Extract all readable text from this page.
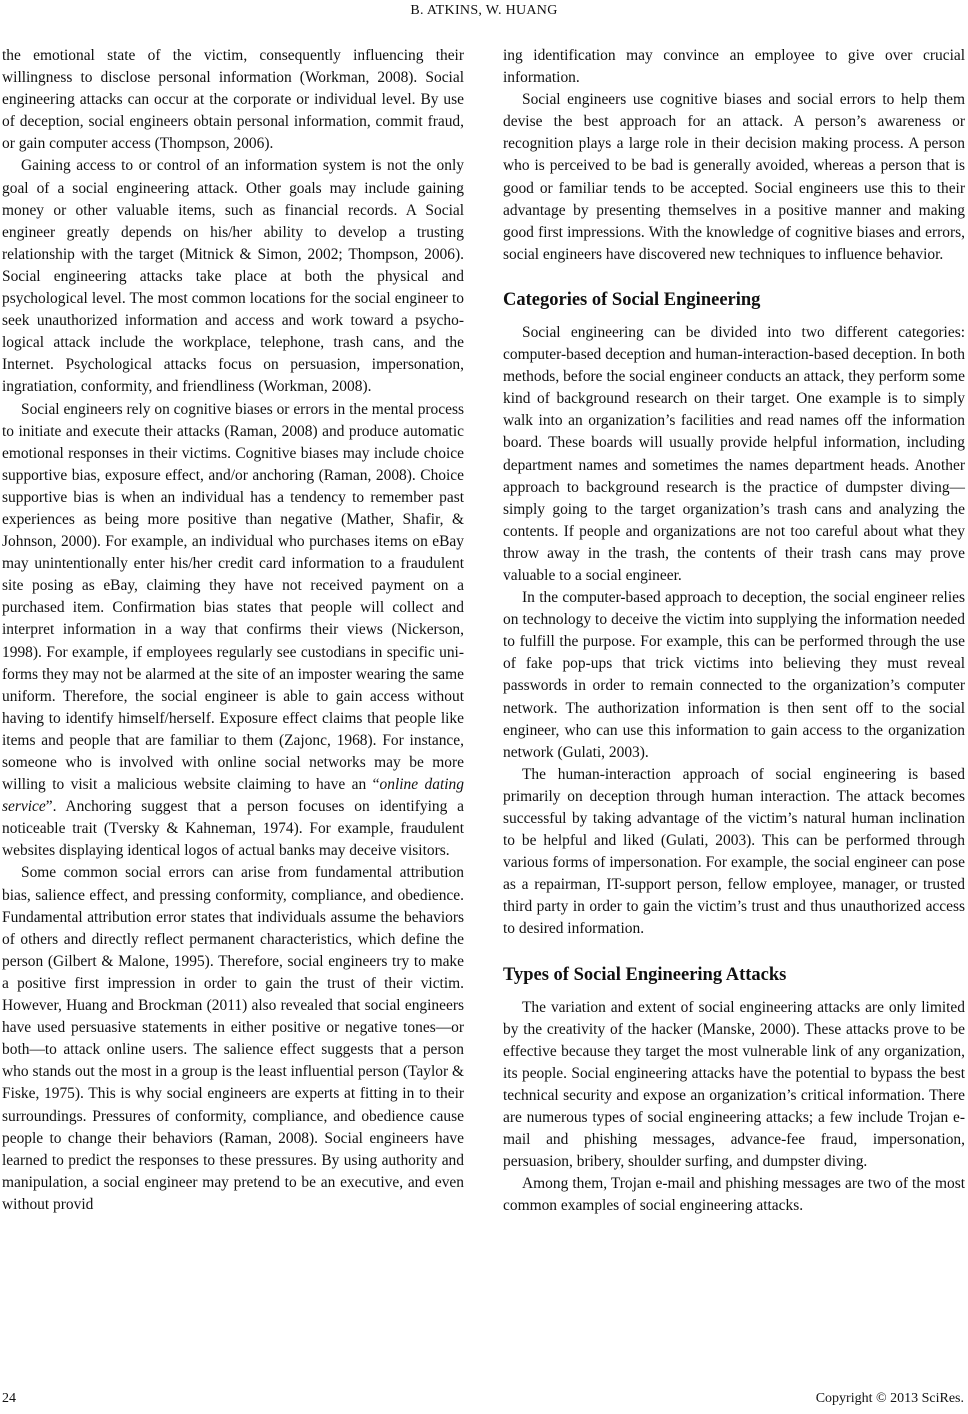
B. ATKINS, W. HUANG

the emotional state of the victim, consequently influencing their willingness to disclose personal information (Workman, 2008). Social engineering attacks can occur at the corporate or individual level. By use of deception, social engineers obtain personal information, commit fraud, or gain computer access (Thompson, 2006).

Gaining access to or control of an information system is not the only goal of a social engineering attack. Other goals may include gaining money or other valuable items, such as financial records. A Social engineer greatly depends on his/her ability to develop a trusting relationship with the target (Mitnick & Simon, 2002; Thompson, 2006). Social engineering attacks take place at both the physical and psychological level. The most common locations for the social engineer to seek unauthorized information and access and work toward a psychological attack include the workplace, telephone, trash cans, and the Internet. Psychological attacks focus on persuasion, impersonation, ingratiation, conformity, and friendliness (Workman, 2008).

Social engineers rely on cognitive biases or errors in the mental process to initiate and execute their attacks (Raman, 2008) and produce automatic emotional responses in their victims. Cognitive biases may include choice supportive bias, exposure effect, and/or anchoring (Raman, 2008). Choice supportive bias is when an individual has a tendency to remember past experiences as being more positive than negative (Mather, Shafir, & Johnson, 2000). For example, an individual who purchases items on eBay may unintentionally enter his/her credit card information to a fraudulent site posing as eBay, claiming they have not received payment on a purchased item. Confirmation bias states that people will collect and interpret information in a way that confirms their views (Nickerson, 1998). For example, if employees regularly see custodians in specific uniforms they may not be alarmed at the site of an imposter wearing the same uniform. Therefore, the social engineer is able to gain access without having to identify himself/herself. Exposure effect claims that people like items and people that are familiar to them (Zajonc, 1968). For instance, someone who is involved with online social networks may be more willing to visit a malicious website claiming to have an “online dating service”. Anchoring suggest that a person focuses on identifying a noticeable trait (Tversky & Kahneman, 1974). For example, fraudulent websites displaying identical logos of actual banks may deceive visitors.

Some common social errors can arise from fundamental attribution bias, salience effect, and pressing conformity, compliance, and obedience. Fundamental attribution error states that individuals assume the behaviors of others and directly reflect permanent characteristics, which define the person (Gilbert & Malone, 1995). Therefore, social engineers try to make a positive first impression in order to gain the trust of their victim. However, Huang and Brockman (2011) also revealed that social engineers have used persuasive statements in either positive or negative tones—or both—to attack online users. The salience effect suggests that a person who stands out the most in a group is the least influential person (Taylor & Fiske, 1975). This is why social engineers are experts at fitting in to their surroundings. Pressures of conformity, compliance, and obedience cause people to change their behaviors (Raman, 2008). Social engineers have learned to predict the responses to these pressures. By using authority and manipulation, a social engineer may pretend to be an executive, and even without provid

ing identification may convince an employee to give over crucial information.

Social engineers use cognitive biases and social errors to help them devise the best approach for an attack. A person’s awareness or recognition plays a large role in their decision making process. A person who is perceived to be bad is generally avoided, whereas a person that is good or familiar tends to be accepted. Social engineers use this to their advantage by presenting themselves in a positive manner and making good first impressions. With the knowledge of cognitive biases and errors, social engineers have discovered new techniques to influence behavior.

Categories of Social Engineering

Social engineering can be divided into two different categories: computer-based deception and human-interaction-based deception. In both methods, before the social engineer conducts an attack, they perform some kind of background research on their target. One example is to simply walk into an organization’s facilities and read names off the information board. These boards will usually provide helpful information, including department names and sometimes the names department heads. Another approach to background research is the practice of dumpster diving—simply going to the target organization’s trash cans and analyzing the contents. If people and organizations are not too careful about what they throw away in the trash, the contents of their trash cans may prove valuable to a social engineer.

In the computer-based approach to deception, the social engineer relies on technology to deceive the victim into supplying the information needed to fulfill the purpose. For example, this can be performed through the use of fake pop-ups that trick victims into believing they must reveal passwords in order to remain connected to the organization’s computer network. The authorization information is then sent off to the social engineer, who can use this information to gain access to the organization network (Gulati, 2003).

The human-interaction approach of social engineering is based primarily on deception through human interaction. The attack becomes successful by taking advantage of the victim’s natural human inclination to be helpful and liked (Gulati, 2003). This can be performed through various forms of impersonation. For example, the social engineer can pose as a repairman, IT-support person, fellow employee, manager, or trusted third party in order to gain the victim’s trust and thus unauthorized access to desired information.

Types of Social Engineering Attacks

The variation and extent of social engineering attacks are only limited by the creativity of the hacker (Manske, 2000). These attacks prove to be effective because they target the most vulnerable link of any organization, its people. Social engineering attacks have the potential to bypass the best technical security and expose an organization’s critical information. There are numerous types of social engineering attacks; a few include Trojan e-mail and phishing messages, advance-fee fraud, impersonation, persuasion, bribery, shoulder surfing, and dumpster diving.

Among them, Trojan e-mail and phishing messages are two of the most common examples of social engineering attacks.

24	Copyright © 2013 SciRes.
